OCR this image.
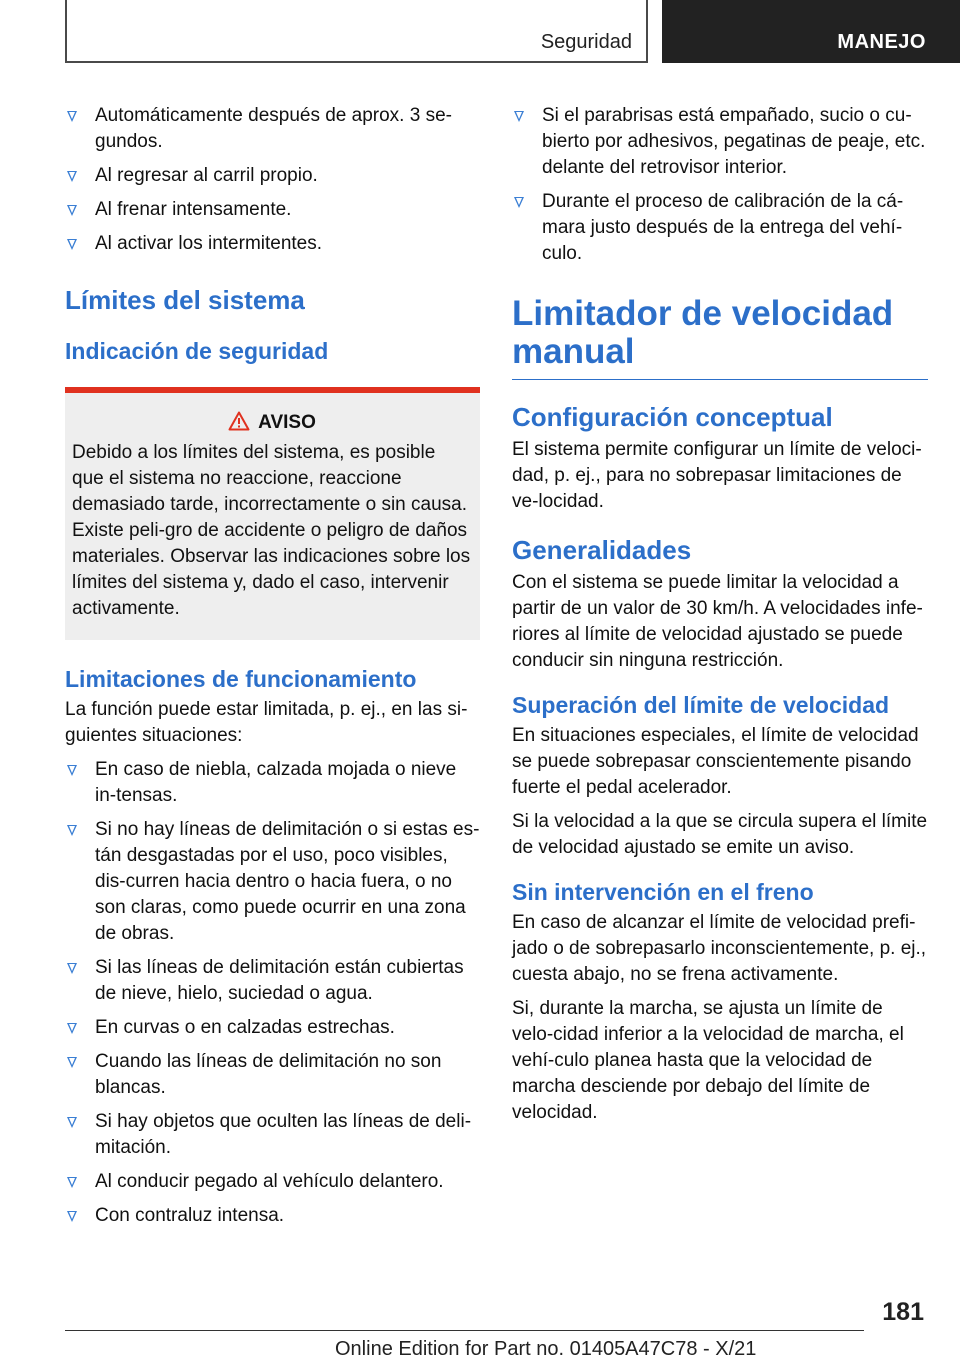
Seguridad	MANEJO
Automáticamente después de aprox. 3 se‐gundos.
Al regresar al carril propio.
Al frenar intensamente.
Al activar los intermitentes.
Límites del sistema
Indicación de seguridad
AVISO

Debido a los límites del sistema, es posible que el sistema no reaccione, reaccione demasiado tarde, incorrectamente o sin causa. Existe peli‐gro de accidente o peligro de daños materiales. Observar las indicaciones sobre los límites del sistema y, dado el caso, intervenir activamente.

Limitaciones de funcionamiento

La función puede estar limitada, p. ej., en las si‐guientes situaciones:

En caso de niebla, calzada mojada o nieve in‐tensas.
Si no hay líneas de delimitación o si estas es‐tán desgastadas por el uso, poco visibles, dis‐curren hacia dentro o hacia fuera, o no son claras, como puede ocurrir en una zona de obras.
Si las líneas de delimitación están cubiertas de nieve, hielo, suciedad o agua.
En curvas o en calzadas estrechas.
Cuando las líneas de delimitación no son blancas.
Si hay objetos que oculten las líneas de deli‐mitación.
Al conducir pegado al vehículo delantero.
Con contraluz intensa.
Si el parabrisas está empañado, sucio o cu‐bierto por adhesivos, pegatinas de peaje, etc. delante del retrovisor interior.
Durante el proceso de calibración de la cá‐mara justo después de la entrega del vehí‐culo.
Limitador de velocidad manual
Configuración conceptual

El sistema permite configurar un límite de veloci‐dad, p. ej., para no sobrepasar limitaciones de ve‐locidad.

Generalidades

Con el sistema se puede limitar la velocidad a partir de un valor de 30 km/h. A velocidades infe‐riores al límite de velocidad ajustado se puede conducir sin ninguna restricción.

Superación del límite de velocidad

En situaciones especiales, el límite de velocidad se puede sobrepasar conscientemente pisando fuerte el pedal acelerador.

Si la velocidad a la que se circula supera el límite de velocidad ajustado se emite un aviso.

Sin intervención en el freno

En caso de alcanzar el límite de velocidad prefi‐jado o de sobrepasarlo inconscientemente, p. ej., cuesta abajo, no se frena activamente.

Si, durante la marcha, se ajusta un límite de velo‐cidad inferior a la velocidad de marcha, el vehí‐culo planea hasta que la velocidad de marcha desciende por debajo del límite de velocidad.

181
Online Edition for Part no. 01405A47C78 - X/21
